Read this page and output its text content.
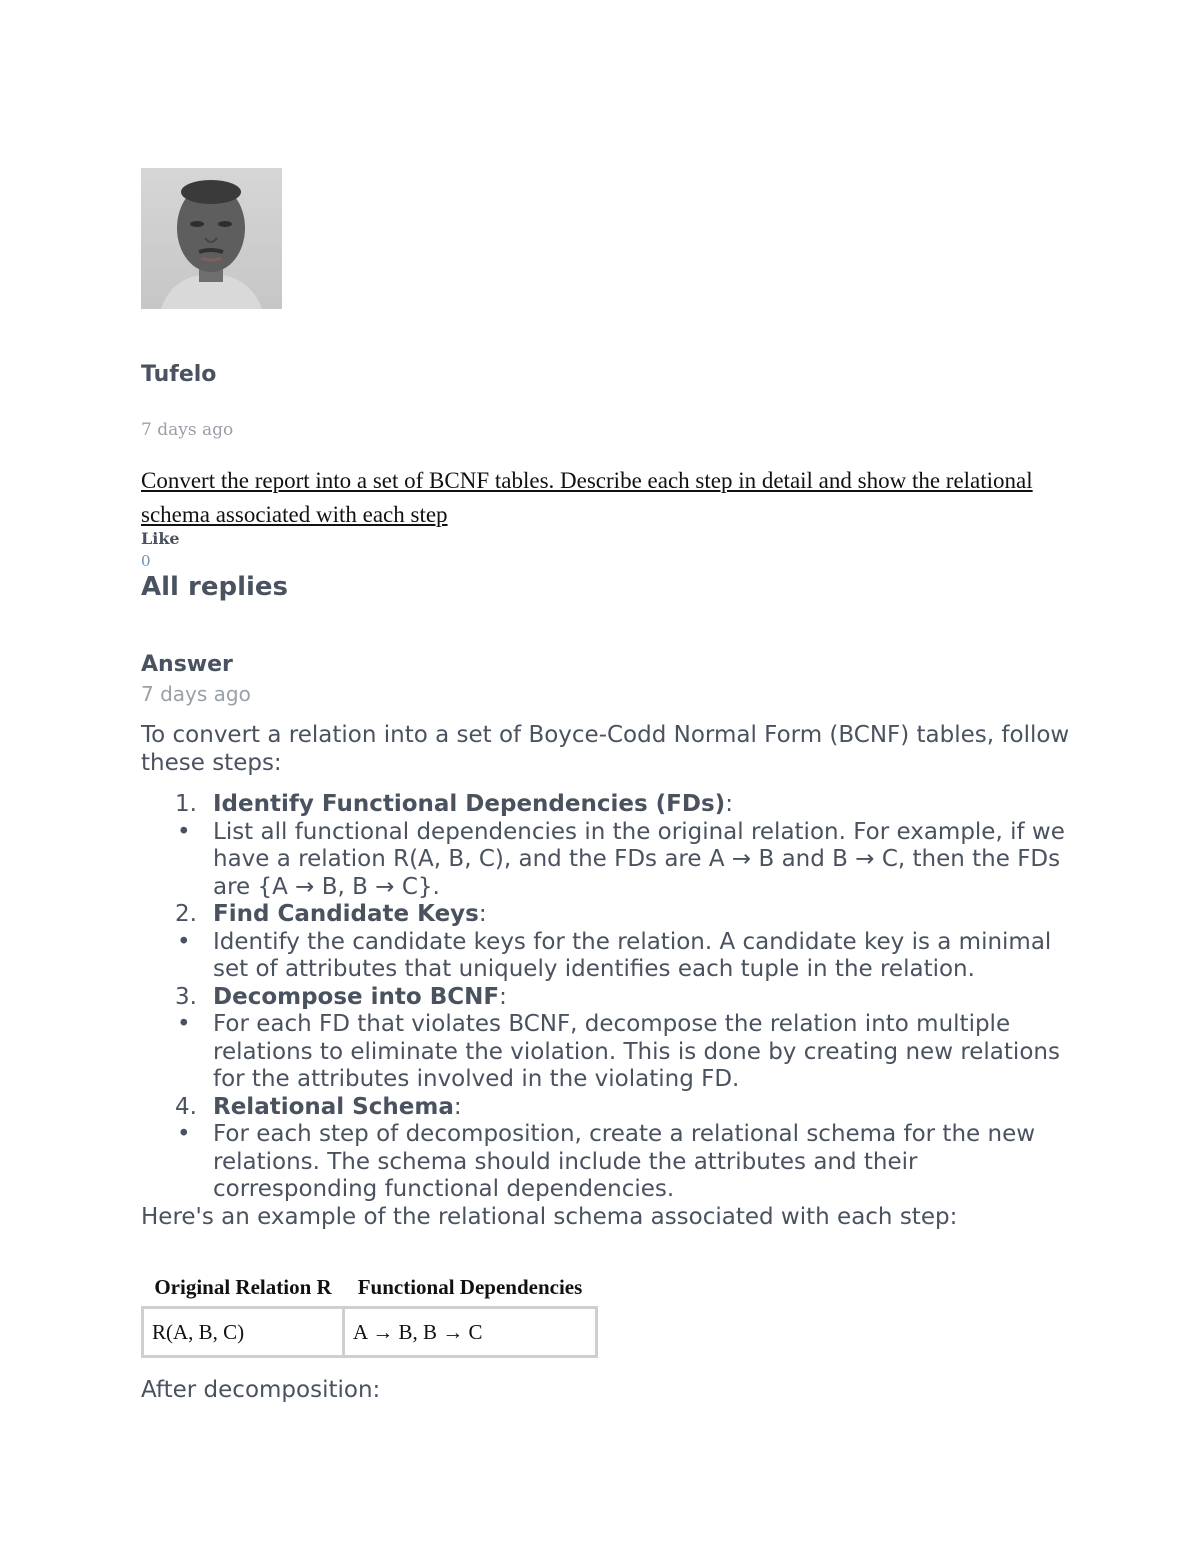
Tufelo
7 days ago
Convert the report into a set of BCNF tables. Describe each step in detail and show the relational schema associated with each step
Like
0
All replies
Answer
7 days ago

To convert a relation into a set of Boyce-Codd Normal Form (BCNF) tables, follow these steps:

1. Identify Functional Dependencies (FDs):
• List all functional dependencies in the original relation. For example, if we have a relation R(A, B, C), and the FDs are A → B and B → C, then the FDs are {A → B, B → C}.
2. Find Candidate Keys:
• Identify the candidate keys for the relation. A candidate key is a minimal set of attributes that uniquely identifies each tuple in the relation.
3. Decompose into BCNF:
• For each FD that violates BCNF, decompose the relation into multiple relations to eliminate the violation. This is done by creating new relations for the attributes involved in the violating FD.
4. Relational Schema:
• For each step of decomposition, create a relational schema for the new relations. The schema should include the attributes and their corresponding functional dependencies.

Here's an example of the relational schema associated with each step:

Original Relation R	Functional Dependencies
R(A, B, C)	A → B, B → C
After decomposition:
